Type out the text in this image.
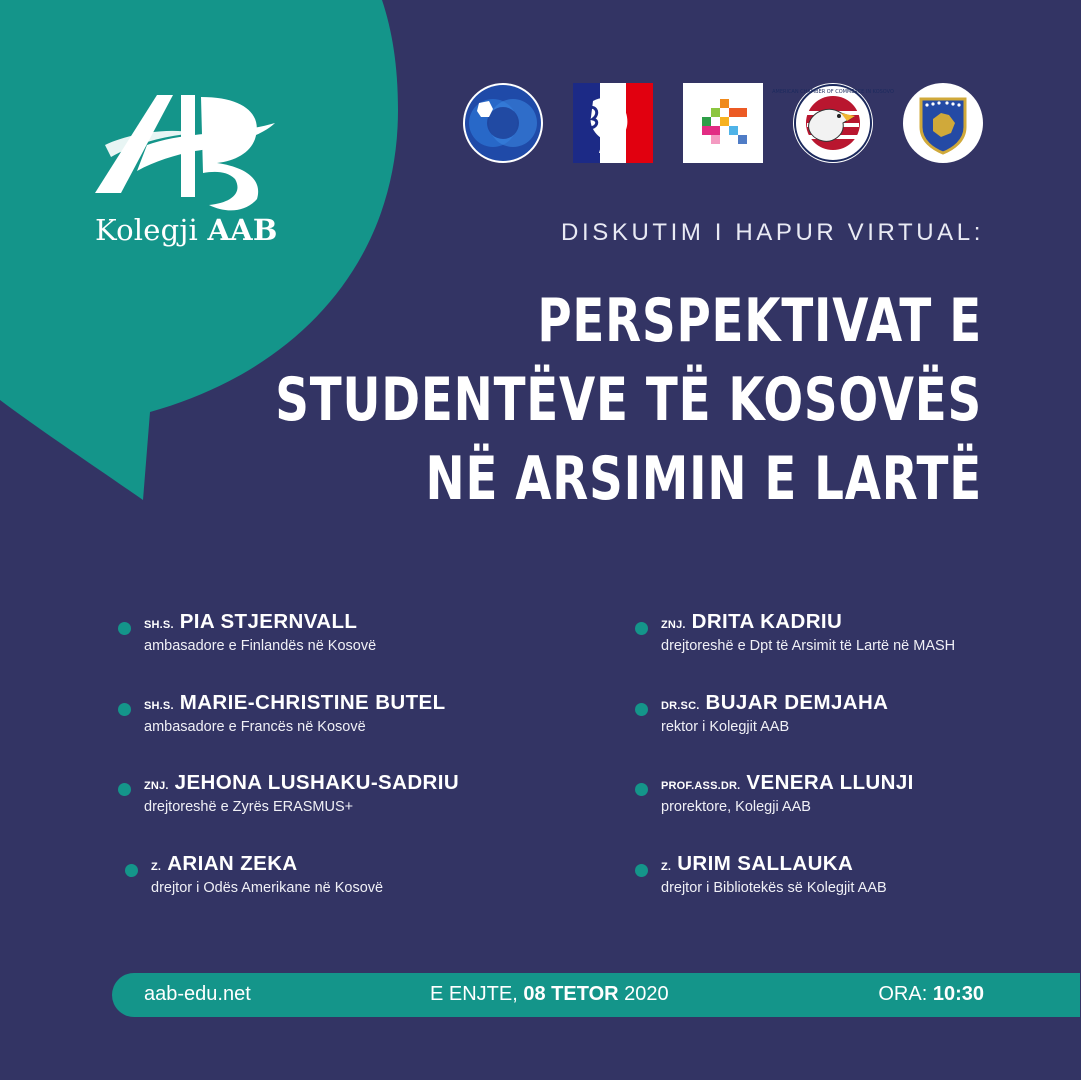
Kolegji AAB
AMERICAN CHAMBER OF COMMERCE IN KOSOVO
DISKUTIM I HAPUR VIRTUAL:
PERSPEKTIVAT E
STUDENTËVE TË KOSOVËS
NË ARSIMIN E LARTË
SH.S. PIA STJERNVALL
ambasadore e Finlandës në Kosovë
ZNJ. DRITA KADRIU
drejtoreshë e Dpt të Arsimit të Lartë në MASH
SH.S. MARIE-CHRISTINE BUTEL
ambasadore e Francës në Kosovë
DR.SC. BUJAR DEMJAHA
rektor i Kolegjit AAB
ZNJ. JEHONA LUSHAKU-SADRIU
drejtoreshë e Zyrës ERASMUS+
PROF.ASS.DR. VENERA LLUNJI
prorektore, Kolegji AAB
Z. ARIAN ZEKA
drejtor i Odës Amerikane në Kosovë
Z. URIM SALLAUKA
drejtor i Bibliotekës së Kolegjit AAB
aab-edu.net	E ENJTE, 08 TETOR 2020	ORA: 10:30
